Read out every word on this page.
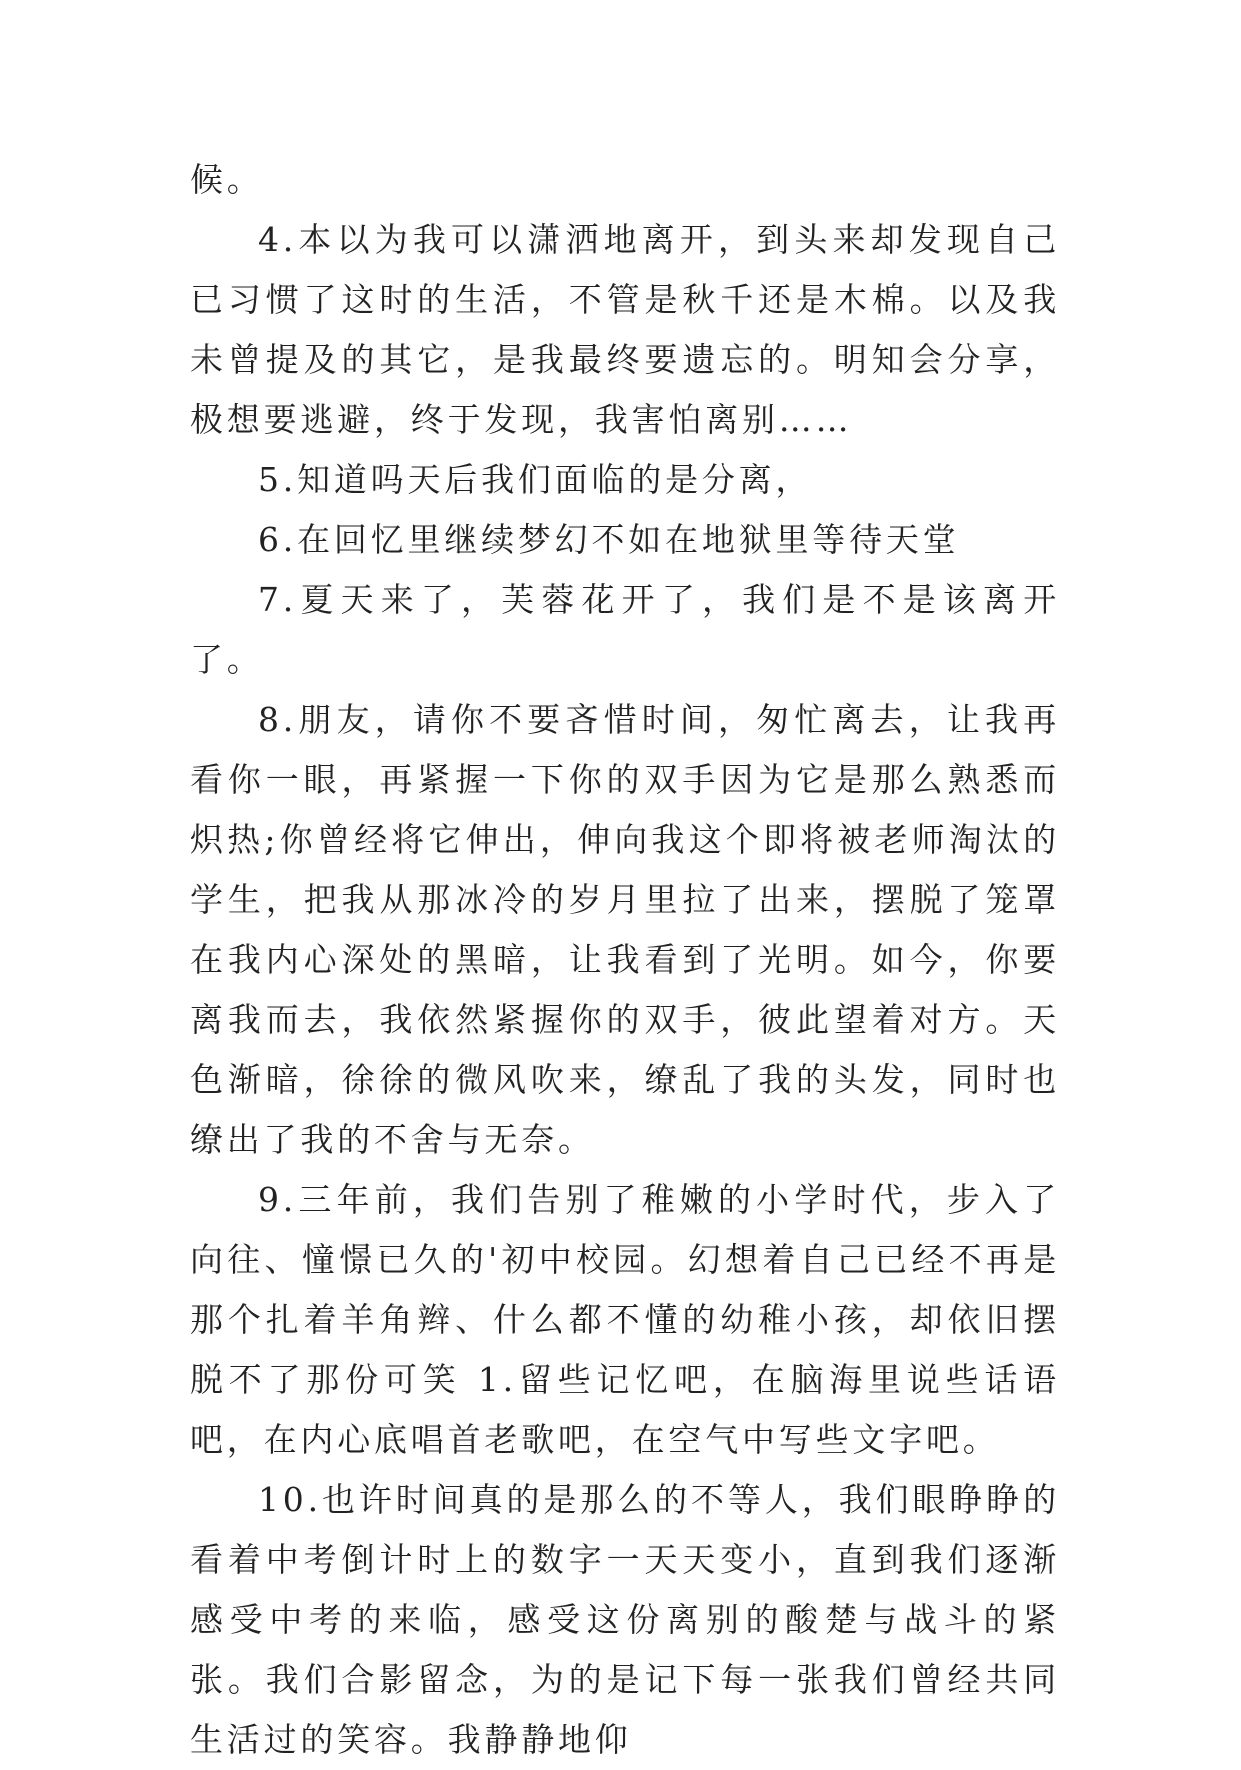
候。

4.本以为我可以潇洒地离开，到头来却发现自己已习惯了这时的生活，不管是秋千还是木棉。以及我未曾提及的其它，是我最终要遗忘的。明知会分享，极想要逃避，终于发现，我害怕离别……

5.知道吗天后我们面临的是分离，

6.在回忆里继续梦幻不如在地狱里等待天堂

7.夏天来了，芙蓉花开了，我们是不是该离开了。

8.朋友，请你不要吝惜时间，匆忙离去，让我再看你一眼，再紧握一下你的双手因为它是那么熟悉而炽热;你曾经将它伸出，伸向我这个即将被老师淘汰的学生，把我从那冰冷的岁月里拉了出来，摆脱了笼罩在我内心深处的黑暗，让我看到了光明。如今，你要离我而去，我依然紧握你的双手，彼此望着对方。天色渐暗，徐徐的微风吹来，缭乱了我的头发，同时也缭出了我的不舍与无奈。

9.三年前，我们告别了稚嫩的小学时代，步入了向往、憧憬已久的'初中校园。幻想着自己已经不再是那个扎着羊角辫、什么都不懂的幼稚小孩，却依旧摆脱不了那份可笑 1.留些记忆吧，在脑海里说些话语吧，在内心底唱首老歌吧，在空气中写些文字吧。

10.也许时间真的是那么的不等人，我们眼睁睁的看着中考倒计时上的数字一天天变小，直到我们逐渐感受中考的来临，感受这份离别的酸楚与战斗的紧张。我们合影留念，为的是记下每一张我们曾经共同生活过的笑容。我静静地仰
